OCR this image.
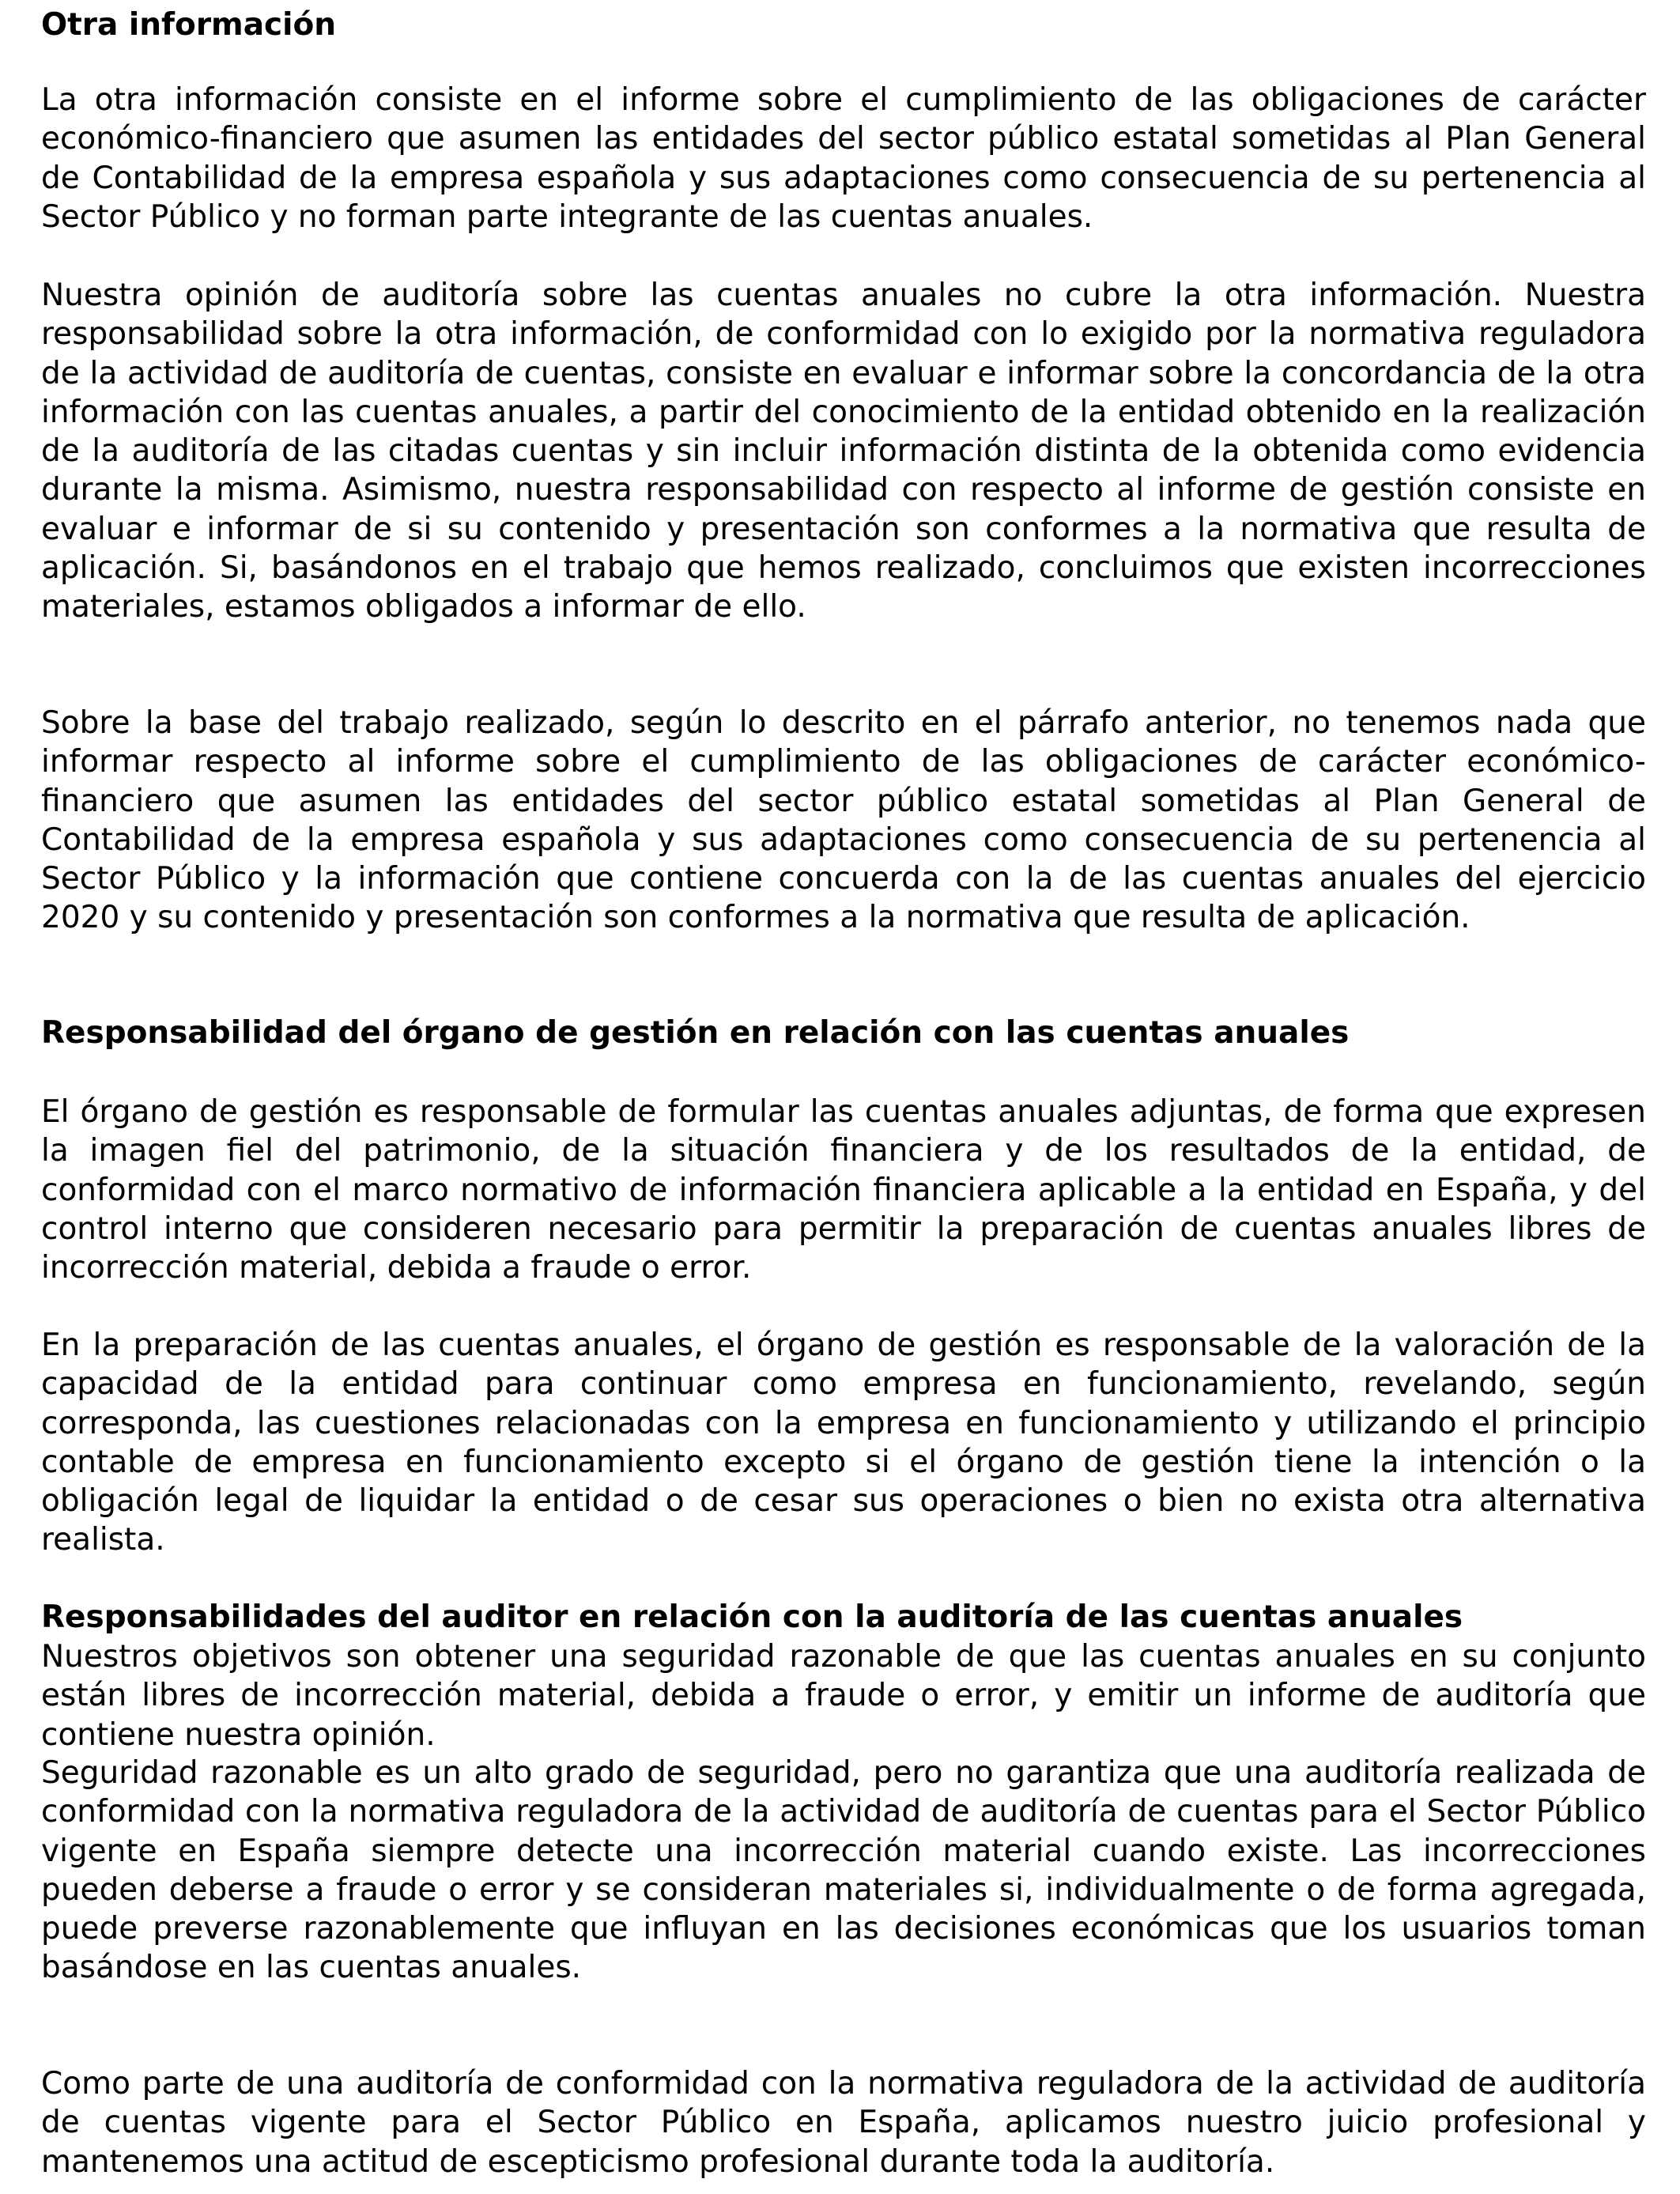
Otra información

La otra información consiste en el informe sobre el cumplimiento de las obligaciones de carácter económico-financiero que asumen las entidades del sector público estatal sometidas al Plan General de Contabilidad de la empresa española y sus adaptaciones como consecuencia de su pertenencia al Sector Público y no forman parte integrante de las cuentas anuales.

Nuestra opinión de auditoría sobre las cuentas anuales no cubre la otra información. Nuestra responsabilidad sobre la otra información, de conformidad con lo exigido por la normativa reguladora de la actividad de auditoría de cuentas, consiste en evaluar e informar sobre la concordancia de la otra información con las cuentas anuales, a partir del conocimiento de la entidad obtenido en la realización de la auditoría de las citadas cuentas y sin incluir información distinta de la obtenida como evidencia durante la misma. Asimismo, nuestra responsabilidad con respecto al informe de gestión consiste en evaluar e informar de si su contenido y presentación son conformes a la normativa que resulta de aplicación. Si, basándonos en el trabajo que hemos realizado, concluimos que existen incorrecciones materiales, estamos obligados a informar de ello.

Sobre la base del trabajo realizado, según lo descrito en el párrafo anterior, no tenemos nada que informar respecto al informe sobre el cumplimiento de las obligaciones de carácter económico-financiero que asumen las entidades del sector público estatal sometidas al Plan General de Contabilidad de la empresa española y sus adaptaciones como consecuencia de su pertenencia al Sector Público y la información que contiene concuerda con la de las cuentas anuales del ejercicio 2020 y su contenido y presentación son conformes a la normativa que resulta de aplicación.

Responsabilidad del órgano de gestión en relación con las cuentas anuales

El órgano de gestión es responsable de formular las cuentas anuales adjuntas, de forma que expresen la imagen fiel del patrimonio, de la situación financiera y de los resultados de la entidad, de conformidad con el marco normativo de información financiera aplicable a la entidad en España, y del control interno que consideren necesario para permitir la preparación de cuentas anuales libres de incorrección material, debida a fraude o error.

En la preparación de las cuentas anuales, el órgano de gestión es responsable de la valoración de la capacidad de la entidad para continuar como empresa en funcionamiento, revelando, según corresponda, las cuestiones relacionadas con la empresa en funcionamiento y utilizando el principio contable de empresa en funcionamiento excepto si el órgano de gestión tiene la intención o la obligación legal de liquidar la entidad o de cesar sus operaciones o bien no exista otra alternativa realista.

Responsabilidades del auditor en relación con la auditoría de las cuentas anuales

Nuestros objetivos son obtener una seguridad razonable de que las cuentas anuales en su conjunto están libres de incorrección material, debida a fraude o error, y emitir un informe de auditoría que contiene nuestra opinión.

Seguridad razonable es un alto grado de seguridad, pero no garantiza que una auditoría realizada de conformidad con la normativa reguladora de la actividad de auditoría de cuentas para el Sector Público vigente en España siempre detecte una incorrección material cuando existe. Las incorrecciones pueden deberse a fraude o error y se consideran materiales si, individualmente o de forma agregada, puede preverse razonablemente que influyan en las decisiones económicas que los usuarios toman basándose en las cuentas anuales.

Como parte de una auditoría de conformidad con la normativa reguladora de la actividad de auditoría de cuentas vigente para el Sector Público en España, aplicamos nuestro juicio profesional y mantenemos una actitud de escepticismo profesional durante toda la auditoría.
